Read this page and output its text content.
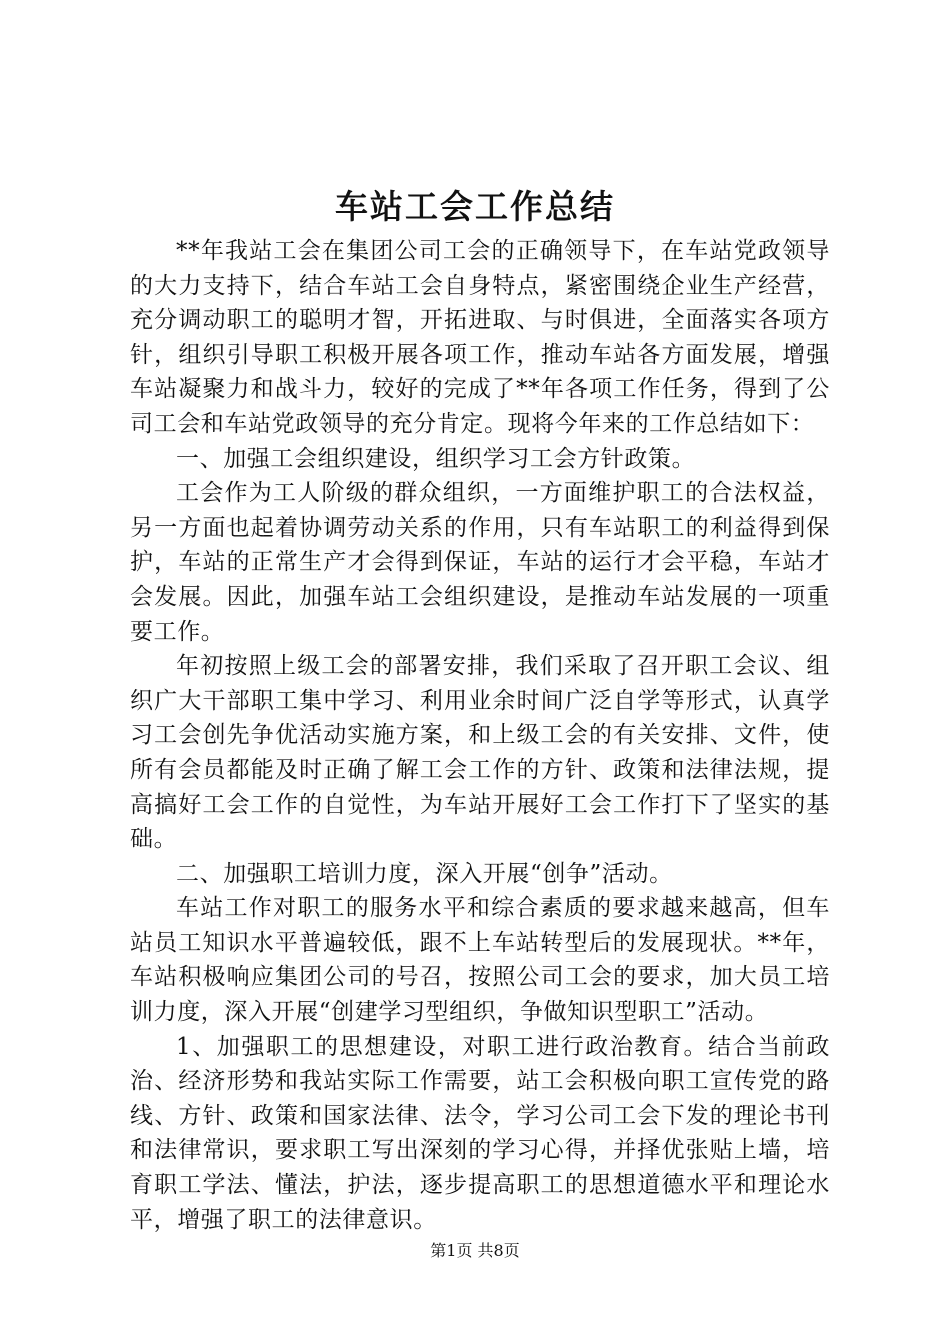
车站工会工作总结

**年我站工会在集团公司工会的正确领导下，在车站党政领导的大力支持下，结合车站工会自身特点，紧密围绕企业生产经营，充分调动职工的聪明才智，开拓进取、与时俱进，全面落实各项方针，组织引导职工积极开展各项工作，推动车站各方面发展，增强车站凝聚力和战斗力，较好的完成了**年各项工作任务，得到了公司工会和车站党政领导的充分肯定。现将今年来的工作总结如下：

一、加强工会组织建设，组织学习工会方针政策。

工会作为工人阶级的群众组织，一方面维护职工的合法权益，另一方面也起着协调劳动关系的作用，只有车站职工的利益得到保护，车站的正常生产才会得到保证，车站的运行才会平稳，车站才会发展。因此，加强车站工会组织建设，是推动车站发展的一项重要工作。

年初按照上级工会的部署安排，我们采取了召开职工会议、组织广大干部职工集中学习、利用业余时间广泛自学等形式，认真学习工会创先争优活动实施方案，和上级工会的有关安排、文件，使所有会员都能及时正确了解工会工作的方针、政策和法律法规，提高搞好工会工作的自觉性，为车站开展好工会工作打下了坚实的基础。

二、加强职工培训力度，深入开展“创争”活动。

车站工作对职工的服务水平和综合素质的要求越来越高，但车站员工知识水平普遍较低，跟不上车站转型后的发展现状。**年，车站积极响应集团公司的号召，按照公司工会的要求，加大员工培训力度，深入开展“创建学习型组织，争做知识型职工”活动。

1、加强职工的思想建设，对职工进行政治教育。结合当前政治、经济形势和我站实际工作需要，站工会积极向职工宣传党的路线、方针、政策和国家法律、法令，学习公司工会下发的理论书刊和法律常识，要求职工写出深刻的学习心得，并择优张贴上墙，培育职工学法、懂法，护法，逐步提高职工的思想道德水平和理论水平，增强了职工的法律意识。

第1页 共8页
